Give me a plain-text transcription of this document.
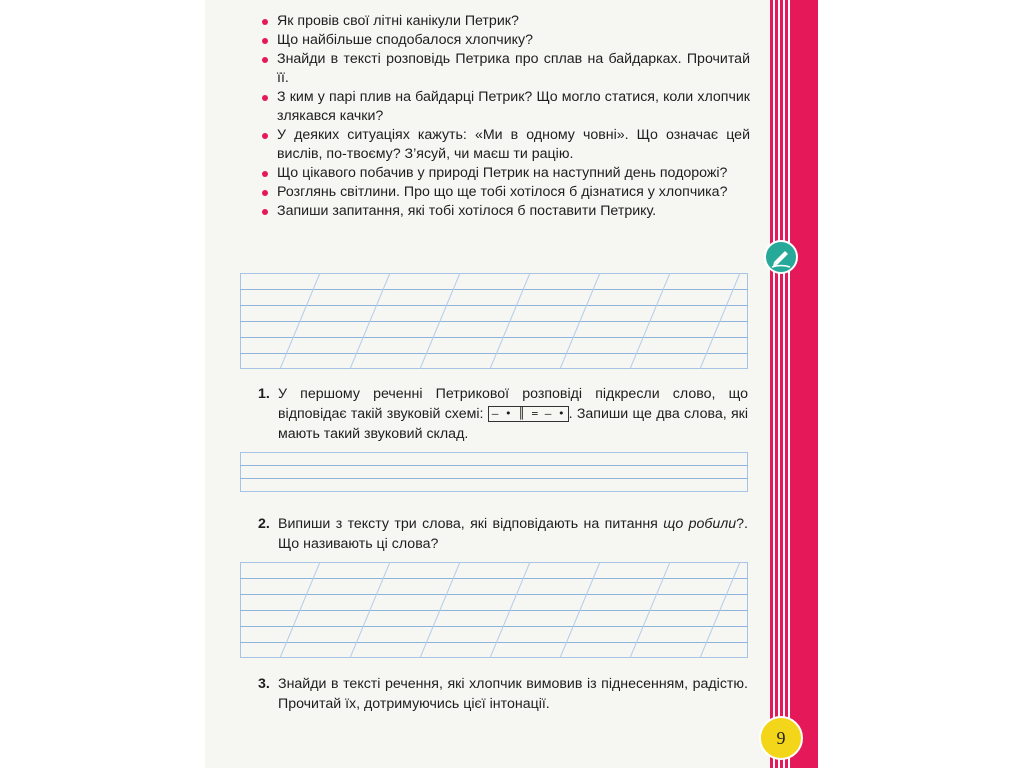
Як провів свої літні канікули Петрик?
Що найбільше сподобалося хлопчику?
Знайди в тексті розповідь Петрика про сплав на байдарках. Прочитай її.
З ким у парі плив на байдарці Петрик? Що могло статися, коли хлопчик злякався качки?
У деяких ситуаціях кажуть: «Ми в одному човні». Що означає цей вислів, по-твоєму? З’ясуй, чи маєш ти рацію.
Що цікавого побачив у природі Петрик на наступний день подорожі?
Розглянь світлини. Про що ще тобі хотілося б дізнатися у хлопчика?
Запиши запитання, які тобі хотілося б поставити Петрику.
1. У першому реченні Петрикової розповіді підкресли слово, що відповідає такій звуковій схемі: — • ║ = — • . Запиши ще два слова, які мають такий звуковий склад.
2. Випиши з тексту три слова, які відповідають на питання що робили?. Що називають ці слова?
3. Знайди в тексті речення, які хлопчик вимовив із піднесенням, радістю. Прочитай їх, дотримуючись цієї інтонації.
9
